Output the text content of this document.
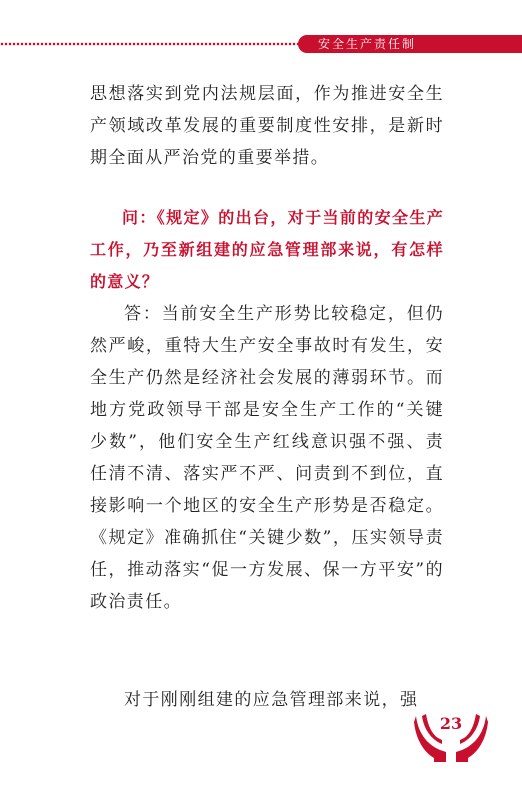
安全生产责任制
思想落实到党内法规层面，作为推进安全生产领域改革发展的重要制度性安排，是新时期全面从严治党的重要举措。
问：《规定》的出台，对于当前的安全生产工作，乃至新组建的应急管理部来说，有怎样的意义？
答：当前安全生产形势比较稳定，但仍然严峻，重特大生产安全事故时有发生，安全生产仍然是经济社会发展的薄弱环节。而地方党政领导干部是安全生产工作的“关键少数”，他们安全生产红线意识强不强、责任清不清、落实严不严、问责到不到位，直接影响一个地区的安全生产形势是否稳定。《规定》准确抓住“关键少数”，压实领导责任，推动落实“促一方发展、保一方平安”的政治责任。
对于刚刚组建的应急管理部来说，强
23
